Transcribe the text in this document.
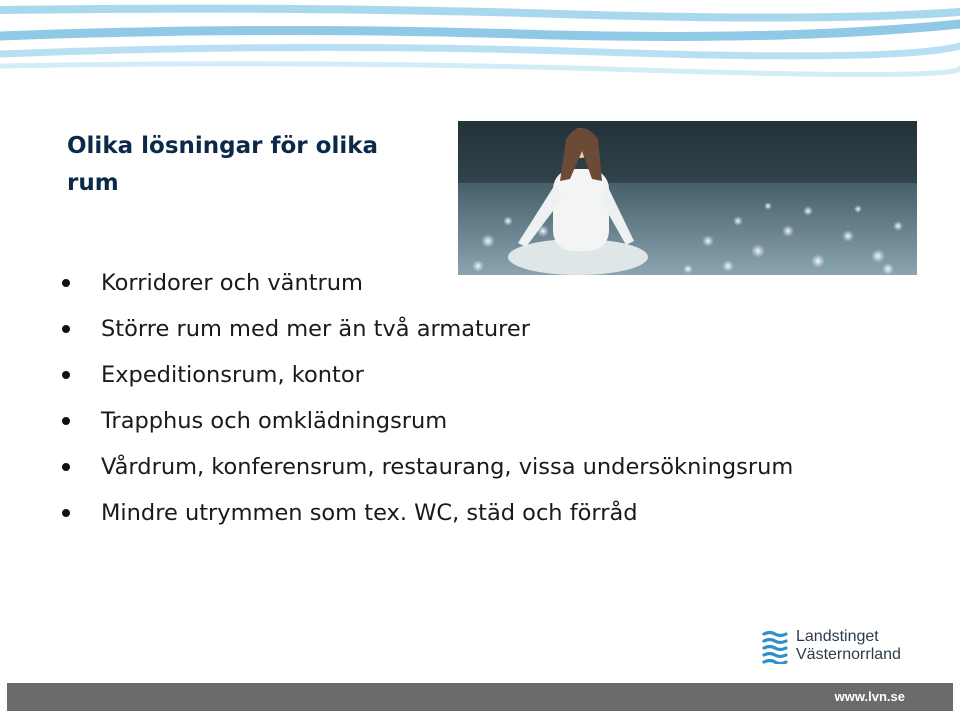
Olika lösningar för olika rum
Korridorer och väntrum
Större rum med mer än två armaturer
Expeditionsrum, kontor
Trapphus och omklädningsrum
Vårdrum, konferensrum, restaurang, vissa undersökningsrum
Mindre utrymmen som tex. WC, städ och förråd
Landstinget
Västernorrland
www.lvn.se
